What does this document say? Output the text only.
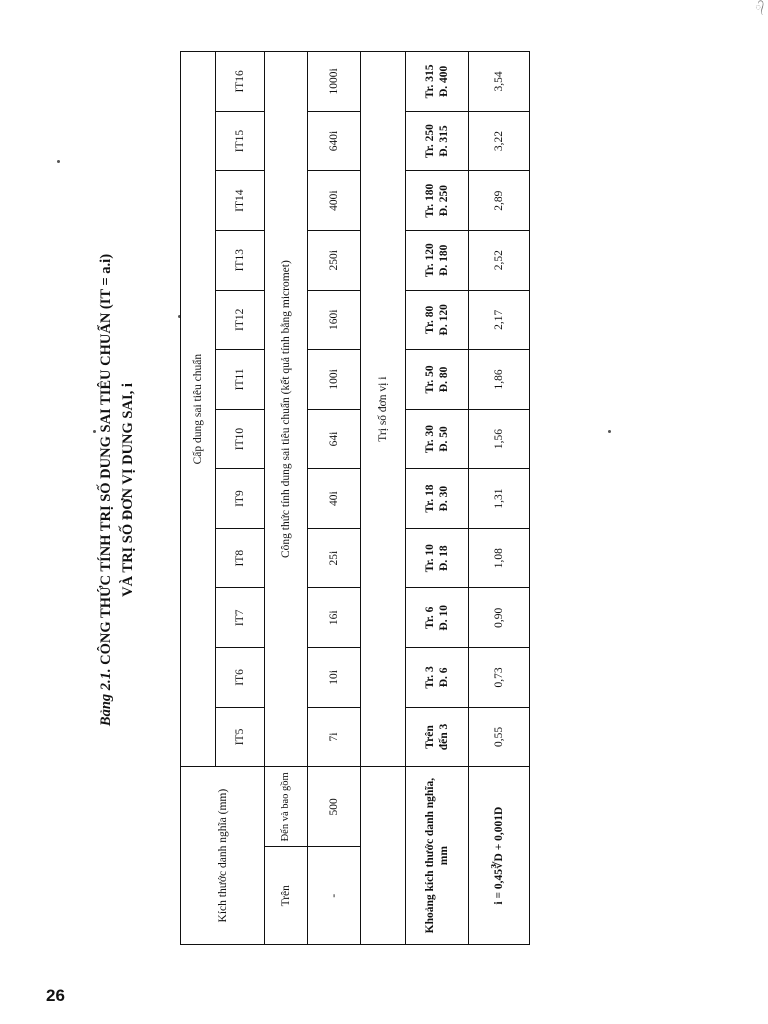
᭄
Bảng 2.1. CÔNG THỨC TÍNH TRỊ SỐ DUNG SAI TIÊU CHUẨN (IT = a.i) VÀ TRỊ SỐ ĐƠN VỊ DUNG SAI, i
Kích thước danh nghĩa (mm)		Cấp dung sai tiêu chuẩn											
		IT5	IT6	IT7	IT8	IT9	IT10	IT11	IT12	IT13	IT14	IT15	IT16
Trên	Đến và bao gồm	Công thức tính dung sai tiêu chuẩn (kết quả tính bằng micromet)											
-	500	7i	10i	16i	25i	40i	64i	100i	160i	250i	400i	640i	1000i
		Trị số đơn vị i											
Khoảng kích thước danh nghĩa, mm		Trên đến 3	Tr. 3 Đ. 6	Tr. 6 Đ. 10	Tr. 10 Đ. 18	Tr. 18 Đ. 30	Tr. 30 Đ. 50	Tr. 50 Đ. 80	Tr. 80 Đ. 120	Tr. 120 Đ. 180	Tr. 180 Đ. 250	Tr. 250 Đ. 315	Tr. 315 Đ. 400
i = 0,45∛D + 0,001D		0,55	0,73	0,90	1,08	1,31	1,56	1,86	2,17	2,52	2,89	3,22	3,54
26
